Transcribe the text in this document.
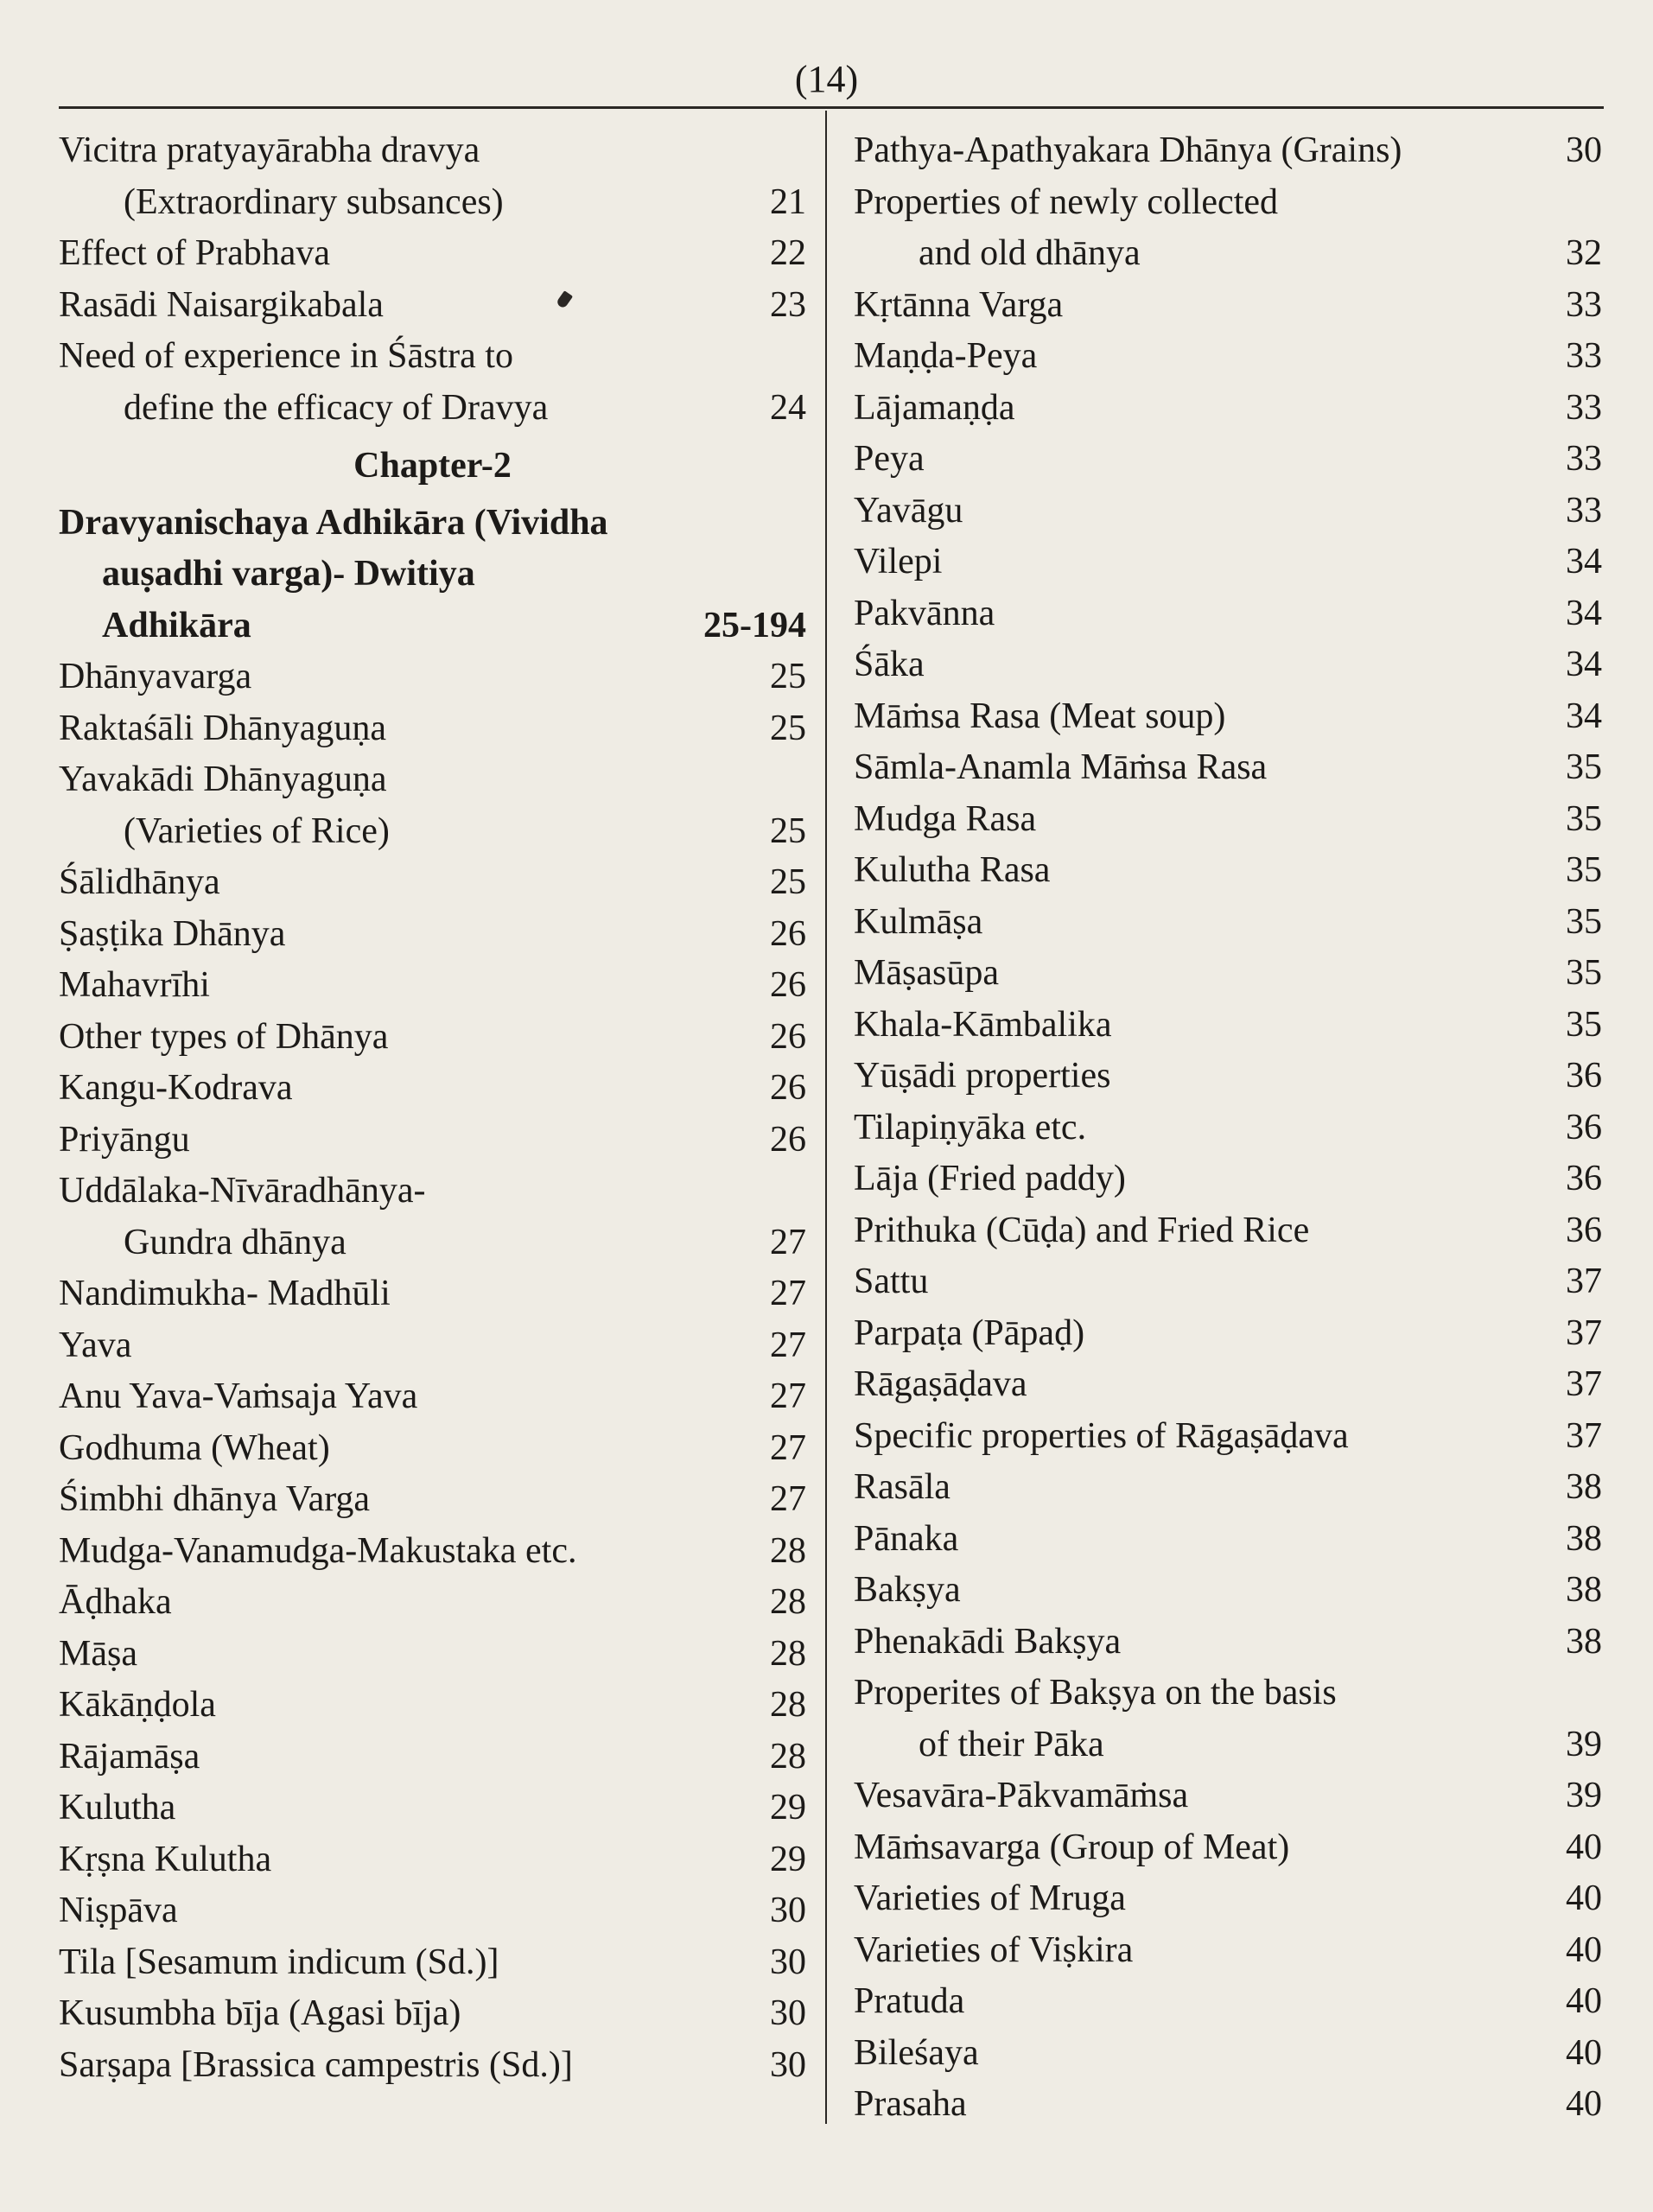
(14)
Vicitra pratyayārabha dravya
(Extraordinary subsances)	21
Effect of Prabhava	22
Rasādi Naisargikabala	23
Need of experience in Śāstra to
define the efficacy of Dravya	24
Chapter-2
Dravyanischaya Adhikāra (Vividha
auṣadhi varga)- Dwitiya
Adhikāra	25-194
Dhānyavarga	25
Raktaśāli Dhānyaguṇa	25
Yavakādi Dhānyaguṇa
(Varieties of Rice)	25
Śālidhānya	25
Ṣaṣṭika Dhānya	26
Mahavrīhi	26
Other types of Dhānya	26
Kangu-Kodrava	26
Priyāngu	26
Uddālaka-Nīvāradhānya-
Gundra dhānya	27
Nandimukha- Madhūli	27
Yava	27
Anu Yava-Vaṁsaja Yava	27
Godhuma (Wheat)	27
Śimbhi dhānya Varga	27
Mudga-Vanamudga-Makustaka etc.	28
Āḍhaka	28
Māṣa	28
Kākāṇḍola	28
Rājamāṣa	28
Kulutha	29
Kṛṣna Kulutha	29
Niṣpāva	30
Tila [Sesamum indicum (Sd.)]	30
Kusumbha bīja (Agasi bīja)	30
Sarṣapa [Brassica campestris (Sd.)]	30
Pathya-Apathyakara Dhānya (Grains)	30
Properties of newly collected
and old dhānya	32
Kṛtānna Varga	33
Maṇḍa-Peya	33
Lājamaṇḍa	33
Peya	33
Yavāgu	33
Vilepi	34
Pakvānna	34
Śāka	34
Māṁsa Rasa (Meat soup)	34
Sāmla-Anamla Māṁsa Rasa	35
Mudga Rasa	35
Kulutha Rasa	35
Kulmāṣa	35
Māṣasūpa	35
Khala-Kāmbalika	35
Yūṣādi properties	36
Tilapiṇyāka etc.	36
Lāja (Fried paddy)	36
Prithuka (Cūḍa) and Fried Rice	36
Sattu	37
Parpaṭa (Pāpaḍ)	37
Rāgaṣāḍava	37
Specific properties of Rāgaṣāḍava	37
Rasāla	38
Pānaka	38
Bakṣya	38
Phenakādi Bakṣya	38
Properites of Bakṣya on the basis
of their Pāka	39
Vesavāra-Pākvamāṁsa	39
Māṁsavarga (Group of Meat)	40
Varieties of Mruga	40
Varieties of Viṣkira	40
Pratuda	40
Bileśaya	40
Prasaha	40
